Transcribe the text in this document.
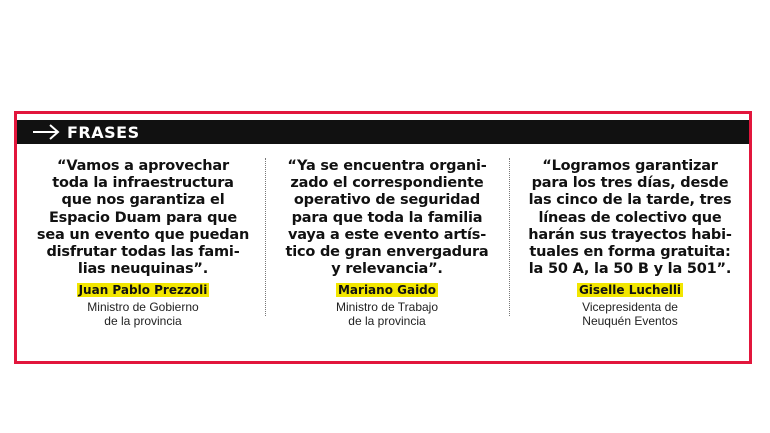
FRASES

“Vamos a aprovechar
toda la infraestructura
que nos garantiza el
Espacio Duam para que
sea un evento que puedan
disfrutar todas las fami-
lias neuquinas”.

Juan Pablo Prezzoli
Ministro de Gobierno
de la provincia

“Ya se encuentra organi-
zado el correspondiente
operativo de seguridad
para que toda la familia
vaya a este evento artís-
tico de gran envergadura
y relevancia”.

Mariano Gaido
Ministro de Trabajo
de la provincia

“Logramos garantizar
para los tres días, desde
las cinco de la tarde, tres
líneas de colectivo que
harán sus trayectos habi-
tuales en forma gratuita:
la 50 A, la 50 B y la 501”.

Giselle Luchelli
Vicepresidenta de
Neuquén Eventos
